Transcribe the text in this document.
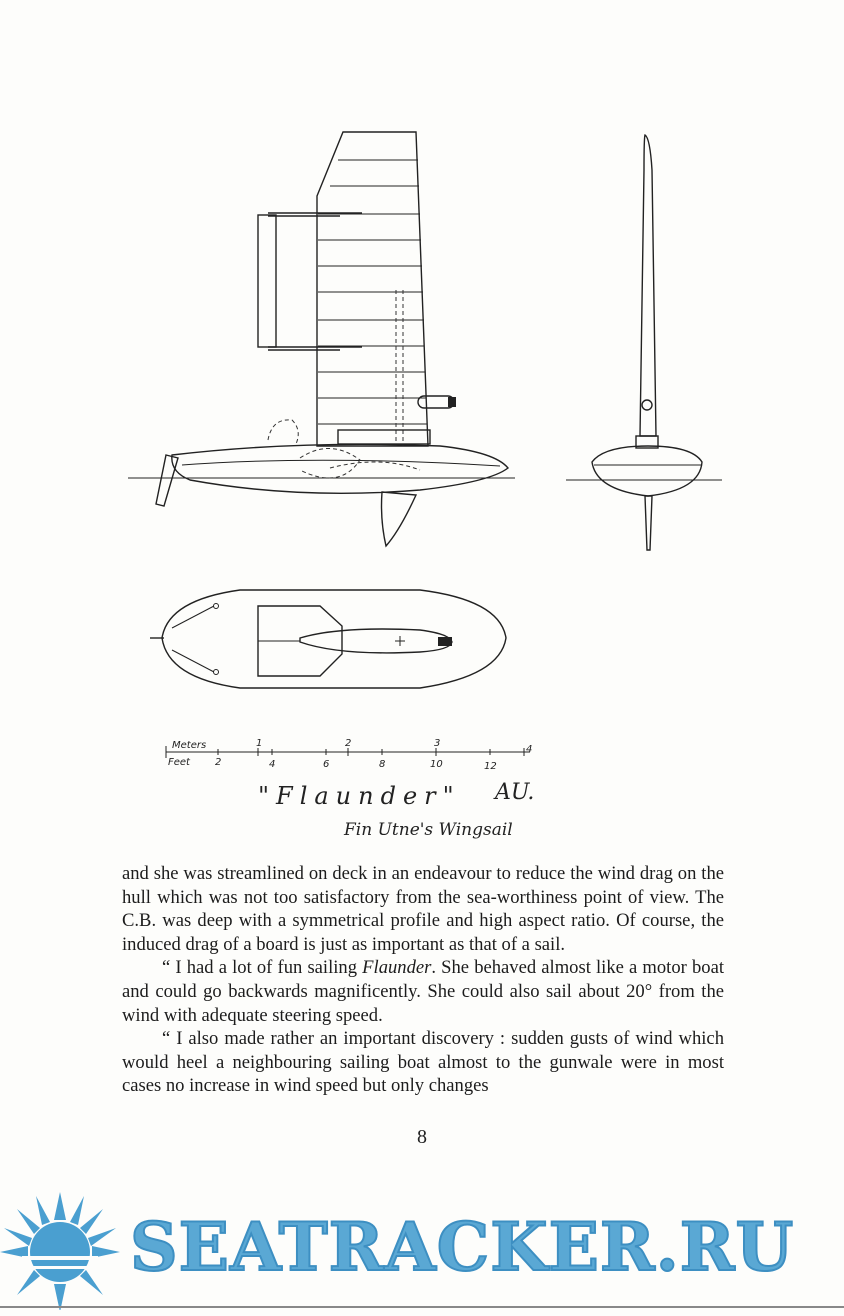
Meters
Feet
1	2	3
4
2	4	6	8	10	12
"Flaunder" AU.
Fin Utne's Wingsail

and she was streamlined on deck in an endeavour to reduce the wind drag on the hull which was not too satisfactory from the sea-worthiness point of view. The C.B. was deep with a symmetrical profile and high aspect ratio. Of course, the induced drag of a board is just as important as that of a sail.

“ I had a lot of fun sailing Flaunder. She behaved almost like a motor boat and could go backwards magnificently. She could also sail about 20° from the wind with adequate steering speed.

“ I also made rather an important discovery : sudden gusts of wind which would heel a neighbouring sailing boat almost to the gunwale were in most cases no increase in wind speed but only changes

8
SEATRACKER.RU
